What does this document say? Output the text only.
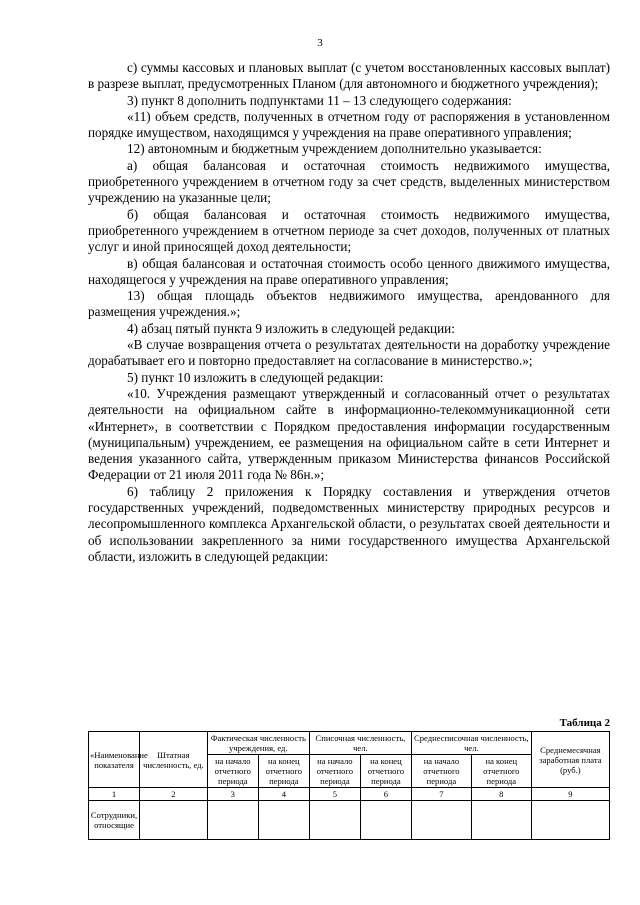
3

с) суммы кассовых и плановых выплат (с учетом восстановленных кассовых выплат) в разрезе выплат, предусмотренных Планом (для автономного и бюджетного учреждения);

3) пункт 8 дополнить подпунктами 11 – 13 следующего содержания:

«11) объем средств, полученных в отчетном году от распоряжения в установленном порядке имуществом, находящимся у учреждения на праве оперативного управления;

12) автономным и бюджетным учреждением дополнительно указывается:

а) общая балансовая и остаточная стоимость недвижимого имущества, приобретенного учреждением в отчетном году за счет средств, выделенных министерством учреждению на указанные цели;

б) общая балансовая и остаточная стоимость недвижимого имущества, приобретенного учреждением в отчетном периоде за счет доходов, полученных от платных услуг и иной приносящей доход деятельности;

в) общая балансовая и остаточная стоимость особо ценного движимого имущества, находящегося у учреждения на праве оперативного управления;

13) общая площадь объектов недвижимого имущества, арендованного для размещения учреждения.»;

4) абзац пятый пункта 9 изложить в следующей редакции:

«В случае возвращения отчета о результатах деятельности на доработку учреждение дорабатывает его и повторно предоставляет на согласование в министерство.»;

5) пункт 10 изложить в следующей редакции:

«10. Учреждения размещают утвержденный и согласованный отчет о результатах деятельности на официальном сайте в информационно-телекоммуникационной сети «Интернет», в соответствии с Порядком предоставления информации государственным (муниципальным) учреждением, ее размещения на официальном сайте в сети Интернет и ведения указанного сайта, утвержденным приказом Министерства финансов Российской Федерации от 21 июля 2011 года № 86н.»;

6) таблицу 2 приложения к Порядку составления и утверждения отчетов государственных учреждений, подведомственных министерству природных ресурсов и лесопромышленного комплекса Архангельской области, о результатах своей деятельности и об использовании закрепленного за ними государственного имущества Архангельской области, изложить в следующей редакции:

Таблица 2
«Наименование показателя	Штатная численность, ед.	Фактическая численность учреждения, ед.		Списочная численность, чел.		Среднесписочная численность, чел.		Среднемесячная заработная плата (руб.)
		на начало отчетного периода	на конец отчетного периода	на начало отчетного периода	на конец отчетного периода	на начало отчетного периода	на конец отчетного периода	
1	2	3	4	5	6	7	8	9
Сотрудники, относящие								
